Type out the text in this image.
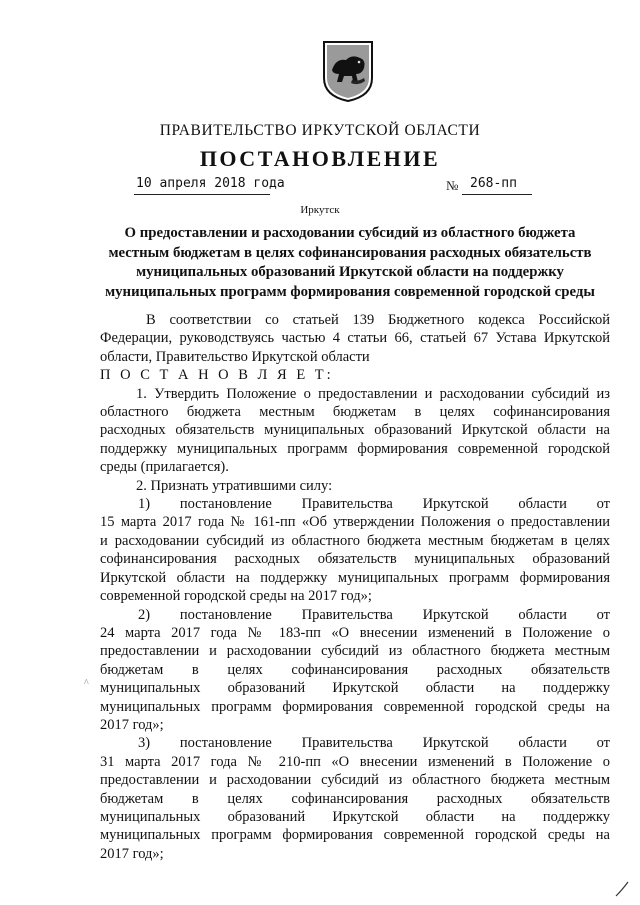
ПРАВИТЕЛЬСТВО ИРКУТСКОЙ ОБЛАСТИ
ПОСТАНОВЛЕНИЕ
10 апреля 2018 года	№ 268-пп
Иркутск
О предоставлении и расходовании субсидий из областного бюджета
местным бюджетам в целях софинансирования расходных обязательств
муниципальных образований Иркутской области на поддержку
муниципальных программ формирования современной городской среды

В соответствии со статьей 139 Бюджетного кодекса Российской

Федерации, руководствуясь частью 4 статьи 66, статьей 67 Устава Иркутской

области, Правительство Иркутской области

П О С Т А Н О В Л Я Е Т:

1. Утвердить Положение о предоставлении и расходовании субсидий из

областного бюджета местным бюджетам в целях софинансирования

расходных обязательств муниципальных образований Иркутской области на

поддержку муниципальных программ формирования современной городской

среды (прилагается).

2. Признать утратившими силу:

1) постановление Правительства Иркутской области от

15 марта 2017 года № 161-пп «Об утверждении Положения о предоставлении

и расходовании субсидий из областного бюджета местным бюджетам в целях

софинансирования расходных обязательств муниципальных образований

Иркутской области на поддержку муниципальных программ формирования

современной городской среды на 2017 год»;

2) постановление Правительства Иркутской области от

24 марта 2017 года № 183-пп «О внесении изменений в Положение о

предоставлении и расходовании субсидий из областного бюджета местным

бюджетам в целях софинансирования расходных обязательств

муниципальных образований Иркутской области на поддержку

муниципальных программ формирования современной городской среды на

2017 год»;

3) постановление Правительства Иркутской области от

31 марта 2017 года № 210-пп «О внесении изменений в Положение о

предоставлении и расходовании субсидий из областного бюджета местным

бюджетам в целях софинансирования расходных обязательств

муниципальных образований Иркутской области на поддержку

муниципальных программ формирования современной городской среды на

2017 год»;

^
